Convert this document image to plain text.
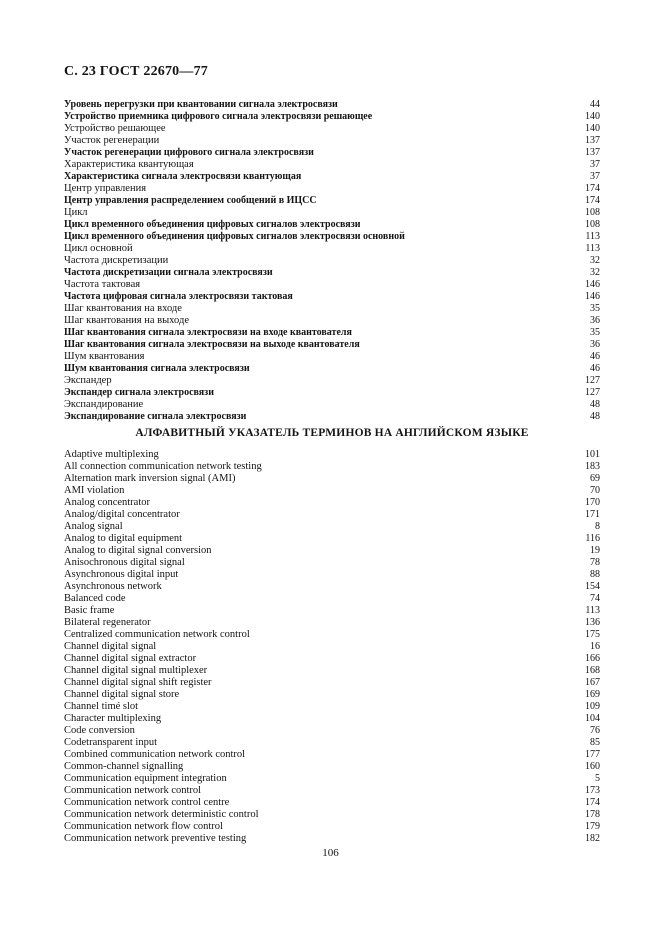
С. 23 ГОСТ 22670—77
Уровень перегрузки при квантовании сигнала электросвязи	44
Устройство приемника цифрового сигнала электросвязи решающее	140
Устройство решающее	140
Участок регенерации	137
Участок регенерации цифрового сигнала электросвязи	137
Характеристика квантующая	37
Характеристика сигнала электросвязи квантующая	37
Центр управления	174
Центр управления распределением сообщений в ИЦСС	174
Цикл	108
Цикл временного объединения цифровых сигналов электросвязи	108
Цикл временного объединения цифровых сигналов электросвязи основной	113
Цикл основной	113
Частота дискретизации	32
Частота дискретизации сигнала электросвязи	32
Частота тактовая	146
Частота цифровая сигнала электросвязи тактовая	146
Шаг квантования на входе	35
Шаг квантования на выходе	36
Шаг квантования сигнала электросвязи на входе квантователя	35
Шаг квантования сигнала электросвязи на выходе квантователя	36
Шум квантования	46
Шум квантования сигнала электросвязи	46
Экспандер	127
Экспандер сигнала электросвязи	127
Экспандирование	48
Экспандирование сигнала электросвязи	48
АЛФАВИТНЫЙ УКАЗАТЕЛЬ ТЕРМИНОВ НА АНГЛИЙСКОМ ЯЗЫКЕ
Adaptive multiplexing	101
All connection communication network testing	183
Alternation mark inversion signal (AMI)	69
AMI violation	70
Analog concentrator	170
Analog/digital concentrator	171
Analog signal	8
Analog to digital equipment	116
Analog to digital signal conversion	19
Anisochronous digital signal	78
Asynchronous digital input	88
Asynchronous network	154
Balanced code	74
Basic frame	113
Bilateral regenerator	136
Centralized communication network control	175
Channel digital signal	16
Channel digital signal extractor	166
Channel digital signal multiplexer	168
Channel digital signal shift register	167
Channel digital signal store	169
Channel timé slot	109
Character multiplexing	104
Code conversion	76
Codetransparent input	85
Combined communication network control	177
Common-channel signalling	160
Communication equipment integration	5
Communication network control	173
Communication network control centre	174
Communication network deterministic control	178
Communication network flow control	179
Communication network preventive testing	182
106
